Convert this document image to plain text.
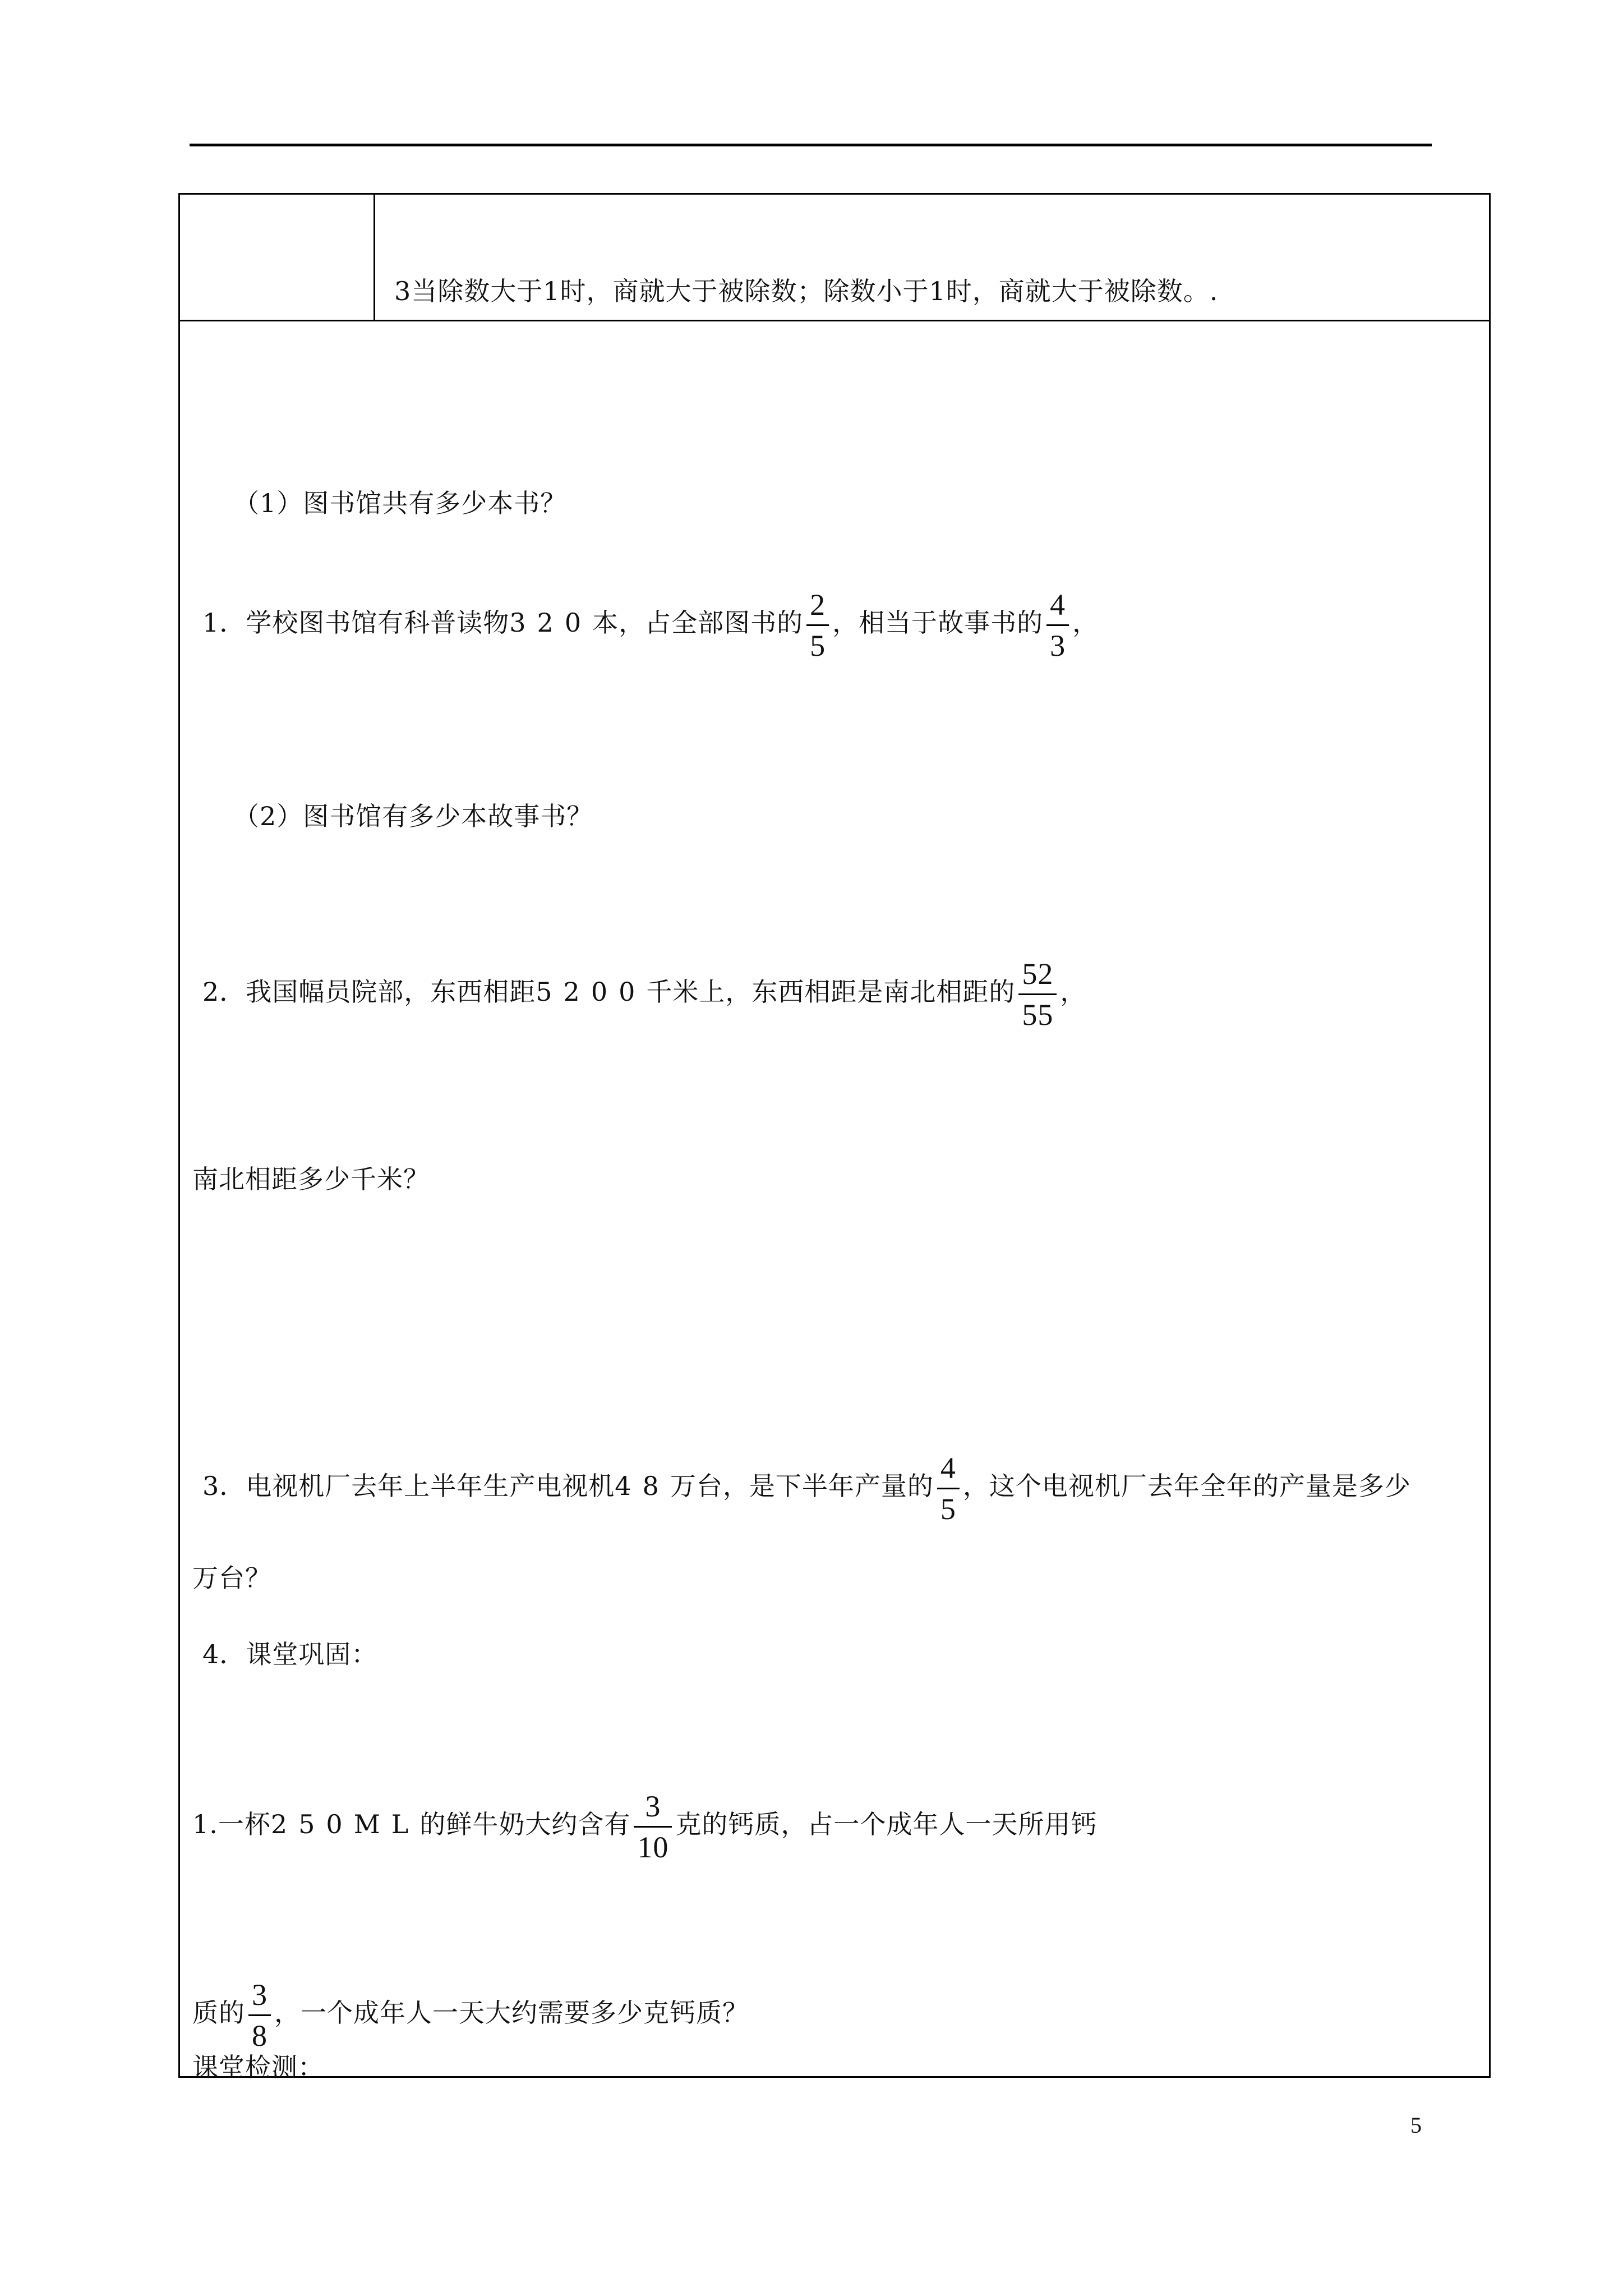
3当除数大于1时，商就大于被除数；除数小于1时，商就大于被除数。.
1．学校图书馆有科普读物320本，占全部图书的 $\frac{2}{5}$ ，相当于故事书的 $\frac{4}{3}$ ，
（1）图书馆共有多少本书？
（2）图书馆有多少本故事书？
2．我国幅员院部，东西相距5200千米上，东西相距是南北相距的 $\frac{52}{55}$ ，
南北相距多少千米？
3．电视机厂去年上半年生产电视机48万台，是下半年产量的 $\frac{4}{5}$ ，这个电视机厂去年全年的产量是多少
万台？
4．课堂巩固：
1.一杯250ML的鲜牛奶大约含有 $\frac{3}{10}$ 克的钙质，占一个成年人一天所用钙
质的 $\frac{3}{8}$ ，一个成年人一天大约需要多少克钙质？
课堂检测：
5
